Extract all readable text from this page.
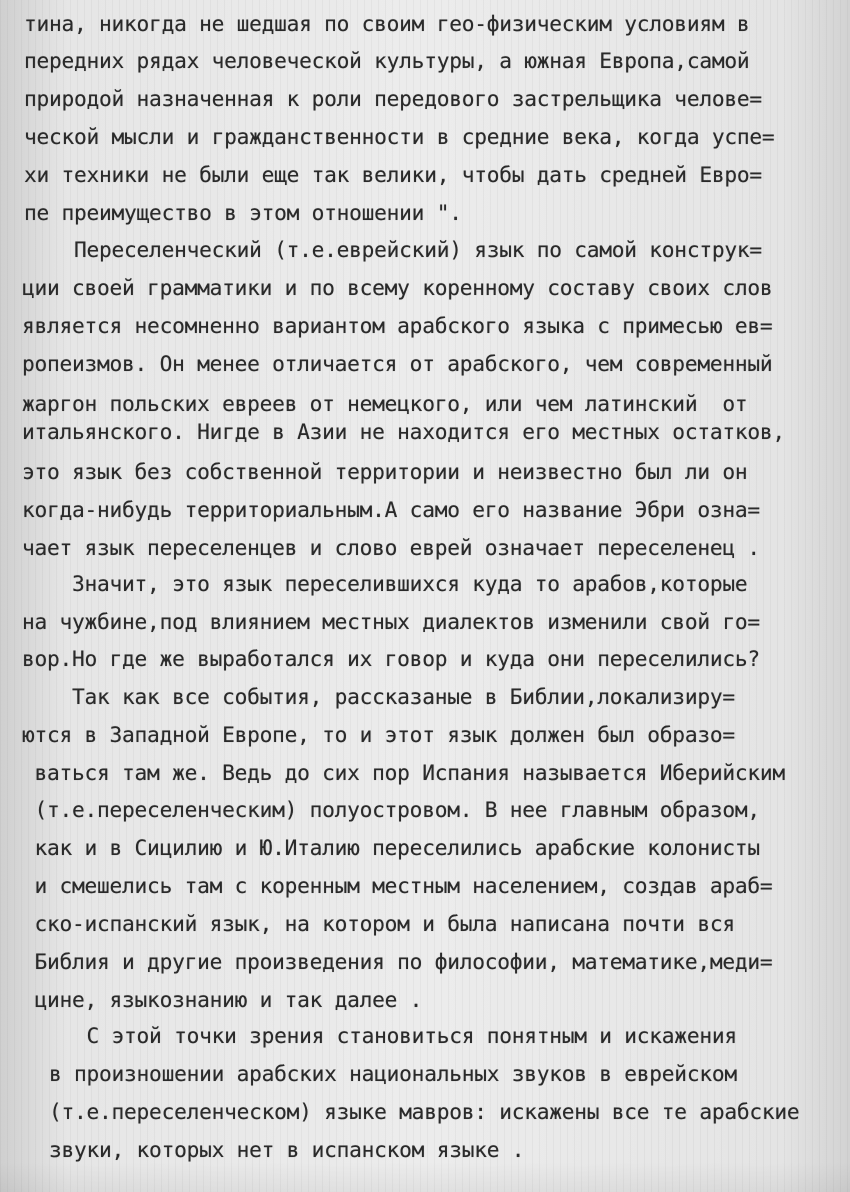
тина, никогда не шедшая по своим гео-физическим условиям в
передних рядах человеческой культуры, а южная Европа,самой
природой назначенная к роли передового застрельщика челове=
ческой мысли и гражданственности в средние века, когда успе=
хи техники не были еще так велики, чтобы дать средней Евро=
пе преимущество в этом отношении ".
Переселенческий (т.е.еврейский) язык по самой конструк=
ции своей грамматики и по всему коренному составу своих слов
является несомненно вариантом арабского языка с примесью ев=
ропеизмов. Он менее отличается от арабского, чем современный
жаргон польских евреев от немецкого, или чем латинский  от
итальянского. Нигде в Азии не находится его местных остатков,
это язык без собственной территории и неизвестно был ли он
когда-нибудь территориальным.А само его название Эбри озна=
чает язык переселенцев и слово еврей означает переселенец .
Значит, это язык переселившихся куда то арабов,которые
на чужбине,под влиянием местных диалектов изменили свой го=
вор.Но где же выработался их говор и куда они переселились?
Так как все события, рассказаные в Библии,локализиру=
ются в Западной Европе, то и этот язык должен был образо=
ваться там же. Ведь до сих пор Испания называется Иберийским
(т.е.переселенческим) полуостровом. В нее главным образом,
как и в Сицилию и Ю.Италию переселились арабские колонисты
и смешелись там с коренным местным населением, создав араб=
ско-испанский язык, на котором и была написана почти вся
Библия и другие произведения по философии, математике,меди=
цине, языкознанию и так далее .
С этой точки зрения становиться понятным и искажения
в произношении арабских национальных звуков в еврейском
(т.е.переселенческом) языке мавров: искажены все те арабские
звуки, которых нет в испанском языке .
